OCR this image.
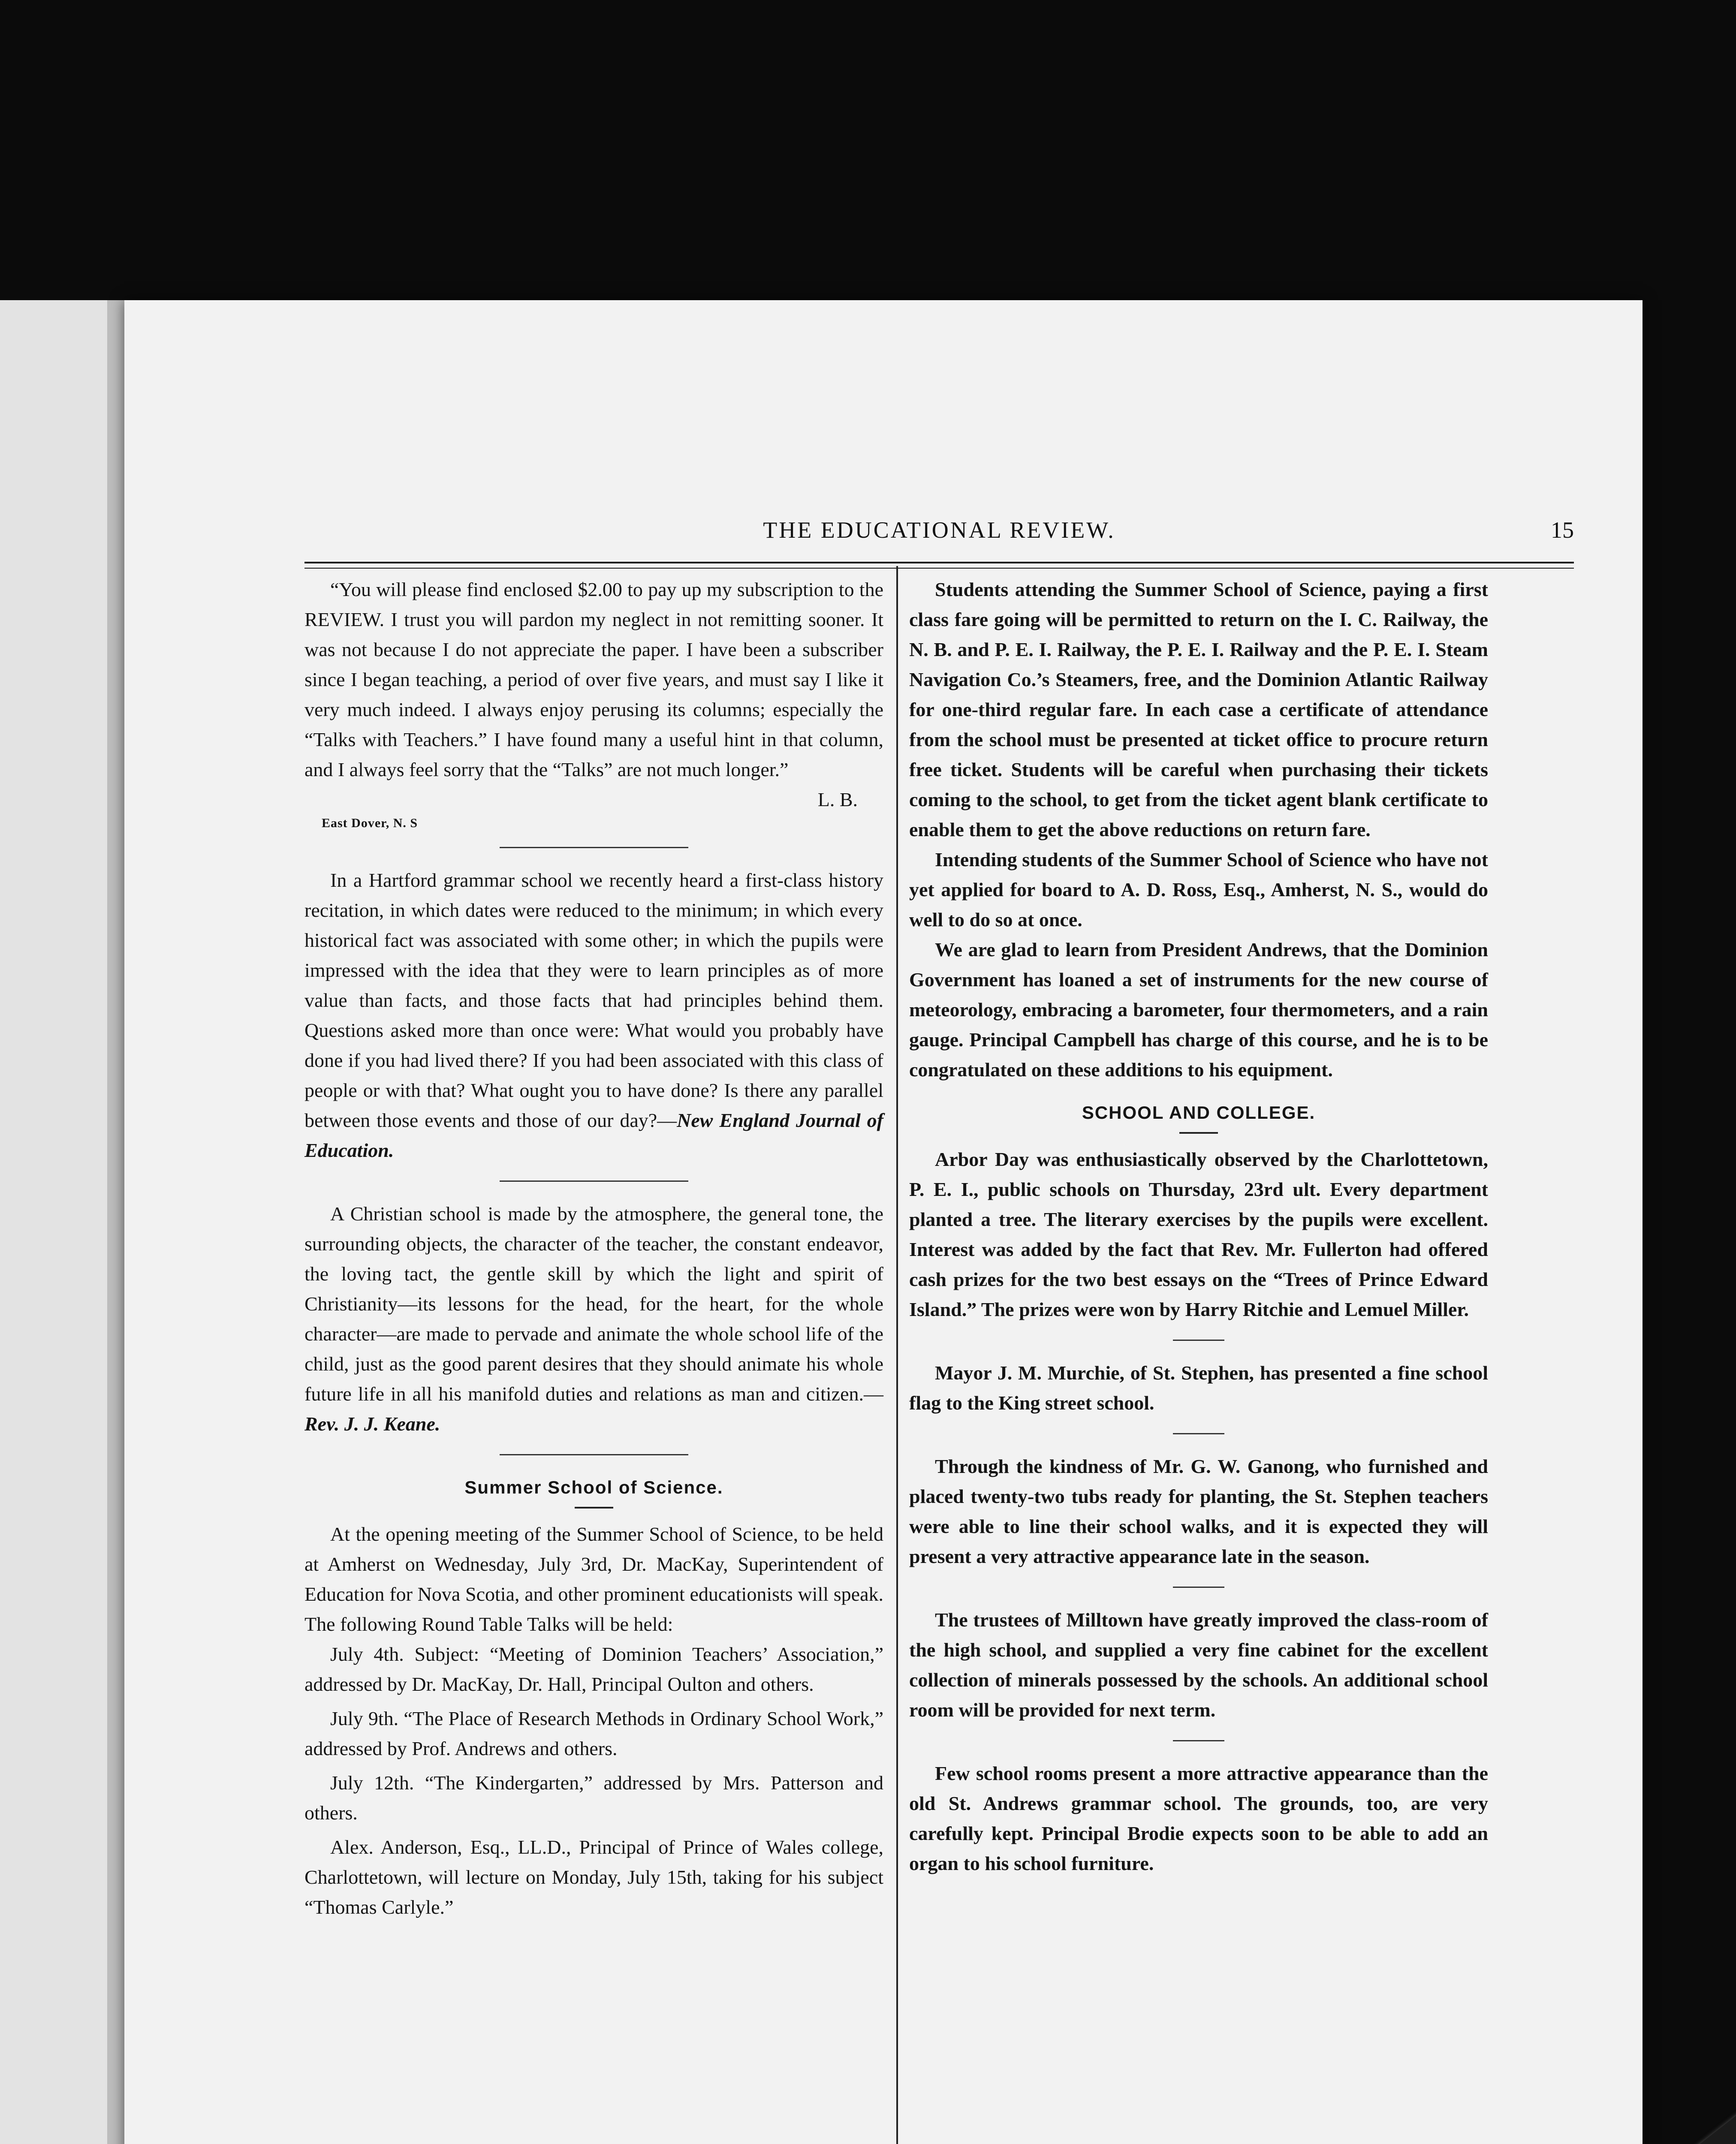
THE EDUCATIONAL REVIEW.	15

“You will please find enclosed $2.00 to pay up my subscription to the REVIEW. I trust you will pardon my neglect in not remitting sooner. It was not because I do not appreciate the paper. I have been a subscriber since I began teaching, a period of over five years, and must say I like it very much indeed. I always enjoy perusing its columns; especially the “Talks with Teachers.” I have found many a useful hint in that column, and I always feel sorry that the “Talks” are not much longer.”

L. B.

East Dover, N. S

In a Hartford grammar school we recently heard a first-class history recitation, in which dates were reduced to the minimum; in which every historical fact was associated with some other; in which the pupils were impressed with the idea that they were to learn principles as of more value than facts, and those facts that had principles behind them. Questions asked more than once were: What would you probably have done if you had lived there? If you had been associated with this class of people or with that? What ought you to have done? Is there any parallel between those events and those of our day?—New England Journal of Education.

A Christian school is made by the atmosphere, the general tone, the surrounding objects, the character of the teacher, the constant endeavor, the loving tact, the gentle skill by which the light and spirit of Christianity—its lessons for the head, for the heart, for the whole character—are made to pervade and animate the whole school life of the child, just as the good parent desires that they should animate his whole future life in all his manifold duties and relations as man and citizen.—Rev. J. J. Keane.

Summer School of Science.

At the opening meeting of the Summer School of Science, to be held at Amherst on Wednesday, July 3rd, Dr. MacKay, Superintendent of Education for Nova Scotia, and other prominent educationists will speak. The following Round Table Talks will be held:

July 4th. Subject: “Meeting of Dominion Teachers’ Association,” addressed by Dr. MacKay, Dr. Hall, Principal Oulton and others.

July 9th. “The Place of Research Methods in Ordinary School Work,” addressed by Prof. Andrews and others.

July 12th. “The Kindergarten,” addressed by Mrs. Patterson and others.

Alex. Anderson, Esq., LL.D., Principal of Prince of Wales college, Charlottetown, will lecture on Monday, July 15th, taking for his subject “Thomas Carlyle.”

Students attending the Summer School of Science, paying a first class fare going will be permitted to return on the I. C. Railway, the N. B. and P. E. I. Railway, the P. E. I. Railway and the P. E. I. Steam Navigation Co.’s Steamers, free, and the Dominion Atlantic Railway for one-third regular fare. In each case a certificate of attendance from the school must be presented at ticket office to procure return free ticket. Students will be careful when purchasing their tickets coming to the school, to get from the ticket agent blank certificate to enable them to get the above reductions on return fare.

Intending students of the Summer School of Science who have not yet applied for board to A. D. Ross, Esq., Amherst, N. S., would do well to do so at once.

We are glad to learn from President Andrews, that the Dominion Government has loaned a set of instruments for the new course of meteorology, embracing a barometer, four thermometers, and a rain gauge. Principal Campbell has charge of this course, and he is to be congratulated on these additions to his equipment.

SCHOOL AND COLLEGE.

Arbor Day was enthusiastically observed by the Charlottetown, P. E. I., public schools on Thursday, 23rd ult. Every department planted a tree. The literary exercises by the pupils were excellent. Interest was added by the fact that Rev. Mr. Fullerton had offered cash prizes for the two best essays on the “Trees of Prince Edward Island.” The prizes were won by Harry Ritchie and Lemuel Miller.

Mayor J. M. Murchie, of St. Stephen, has presented a fine school flag to the King street school.

Through the kindness of Mr. G. W. Ganong, who furnished and placed twenty-two tubs ready for planting, the St. Stephen teachers were able to line their school walks, and it is expected they will present a very attractive appearance late in the season.

The trustees of Milltown have greatly improved the class-room of the high school, and supplied a very fine cabinet for the excellent collection of minerals possessed by the schools. An additional school room will be provided for next term.

Few school rooms present a more attractive appearance than the old St. Andrews grammar school. The grounds, too, are very carefully kept. Principal Brodie expects soon to be able to add an organ to his school furniture.
